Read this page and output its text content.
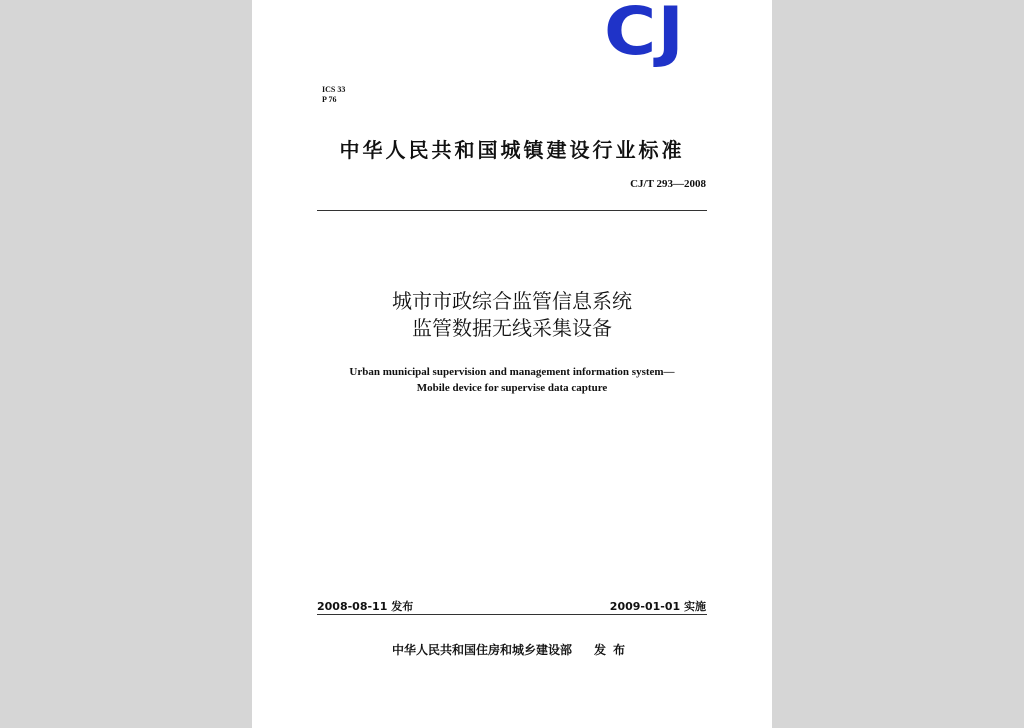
CJ
ICS 33
P 76
中华人民共和国城镇建设行业标准
CJ/T 293—2008
城市市政综合监管信息系统
监管数据无线采集设备
Urban municipal supervision and management information system—
Mobile device for supervise data capture
2008-08-11 发布	2009-01-01 实施
中华人民共和国住房和城乡建设部 发布
